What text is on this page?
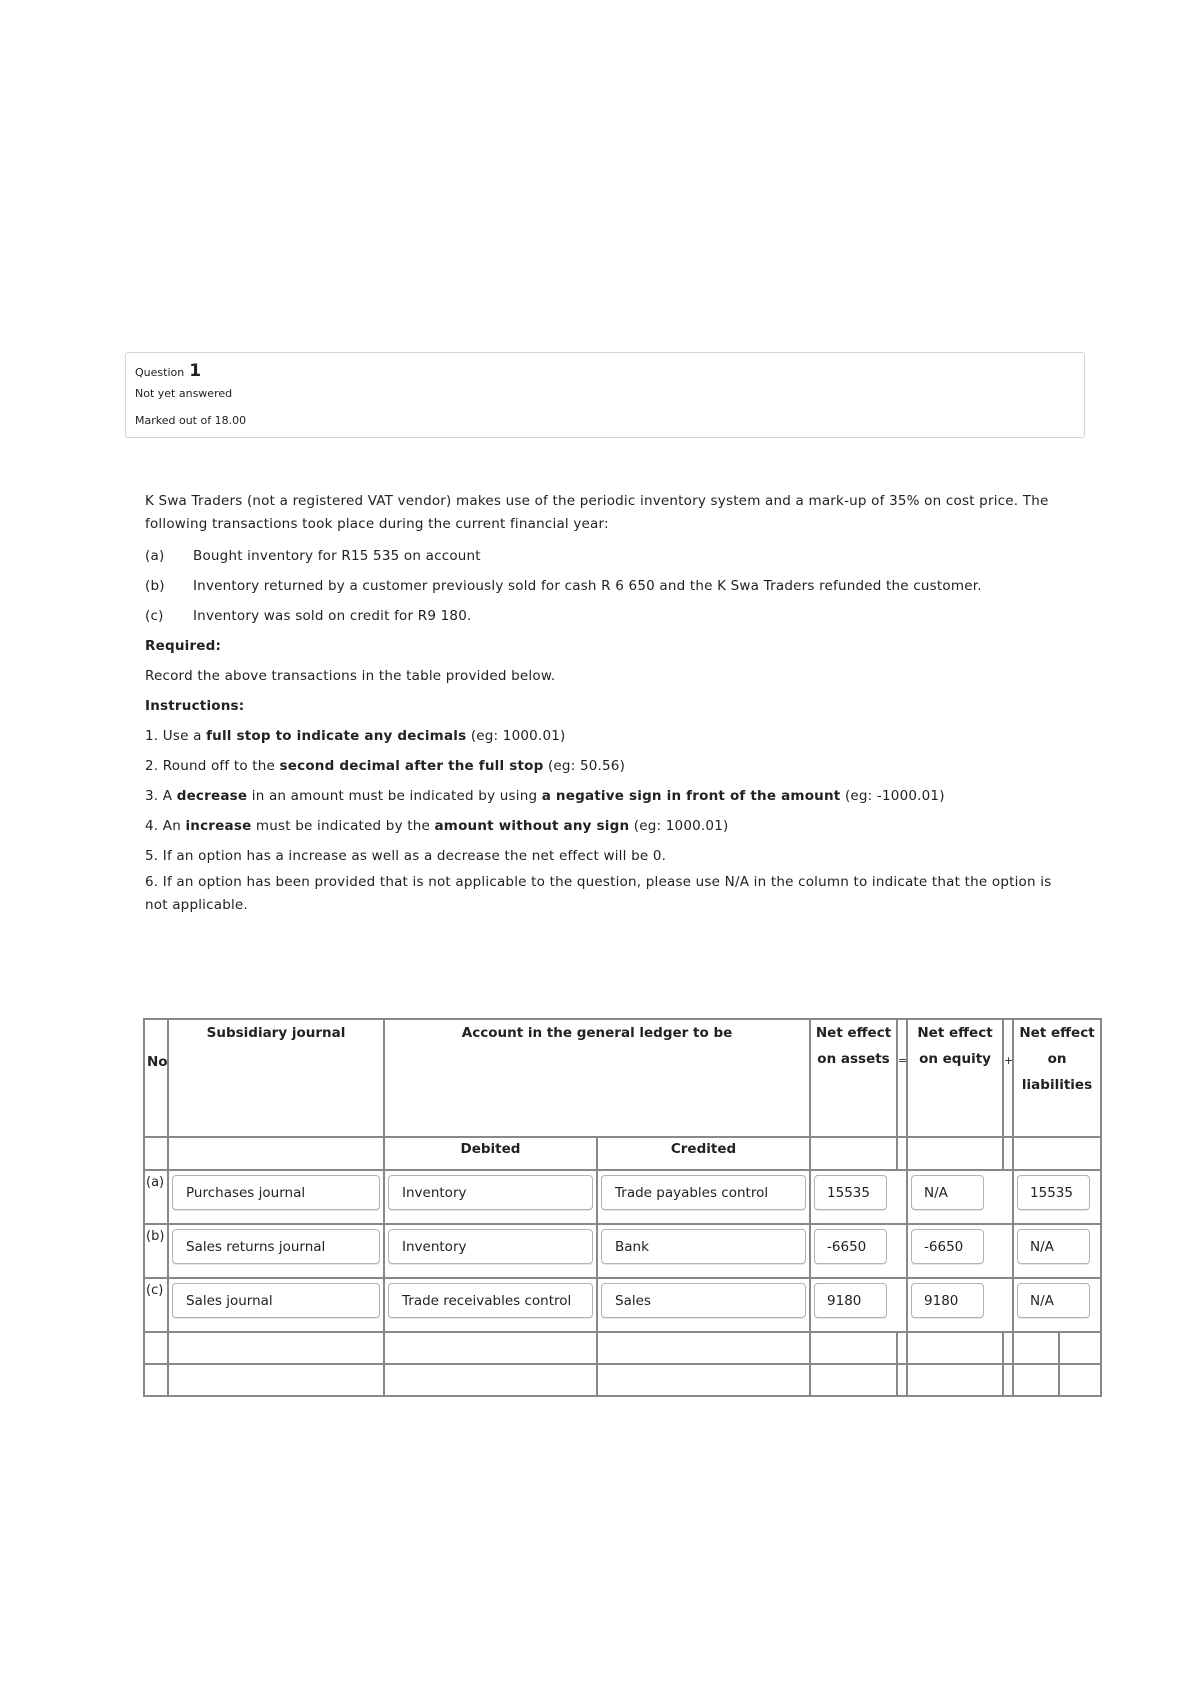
Question 1
Not yet answered
Marked out of 18.00

K Swa Traders (not a registered VAT vendor) makes use of the periodic inventory system and a mark-up of 35% on cost price. The following transactions took place during the current financial year:

(a)	Bought inventory for R15 535 on account
(b)	Inventory returned by a customer previously sold for cash R 6 650 and the K Swa Traders refunded the customer.
(c)	Inventory was sold on credit for R9 180.

Required:

Record the above transactions in the table provided below.

Instructions:

1. Use a full stop to indicate any decimals (eg: 1000.01)

2. Round off to the second decimal after the full stop (eg: 50.56)

3. A decrease in an amount must be indicated by using a negative sign in front of the amount (eg: -1000.01)

4. An increase must be indicated by the amount without any sign (eg: 1000.01)

5. If an option has a increase as well as a decrease the net effect will be 0.

6. If an option has been provided that is not applicable to the question, please use N/A in the column to indicate that the option is not applicable.

No	Subsidiary journal	Account in the general ledger to be		Net effect on assets	=	Net effect on equity	+	Net effect on liabilities	
		Debited	Credited						
(a)	Purchases journal	Inventory	Trade payables control	15535		N/A		15535	

(b)	Sales returns journal	Inventory	Bank	-6650		-6650		N/A	

(c)	Sales journal	Trade receivables control	Sales	9180		9180		N/A	
